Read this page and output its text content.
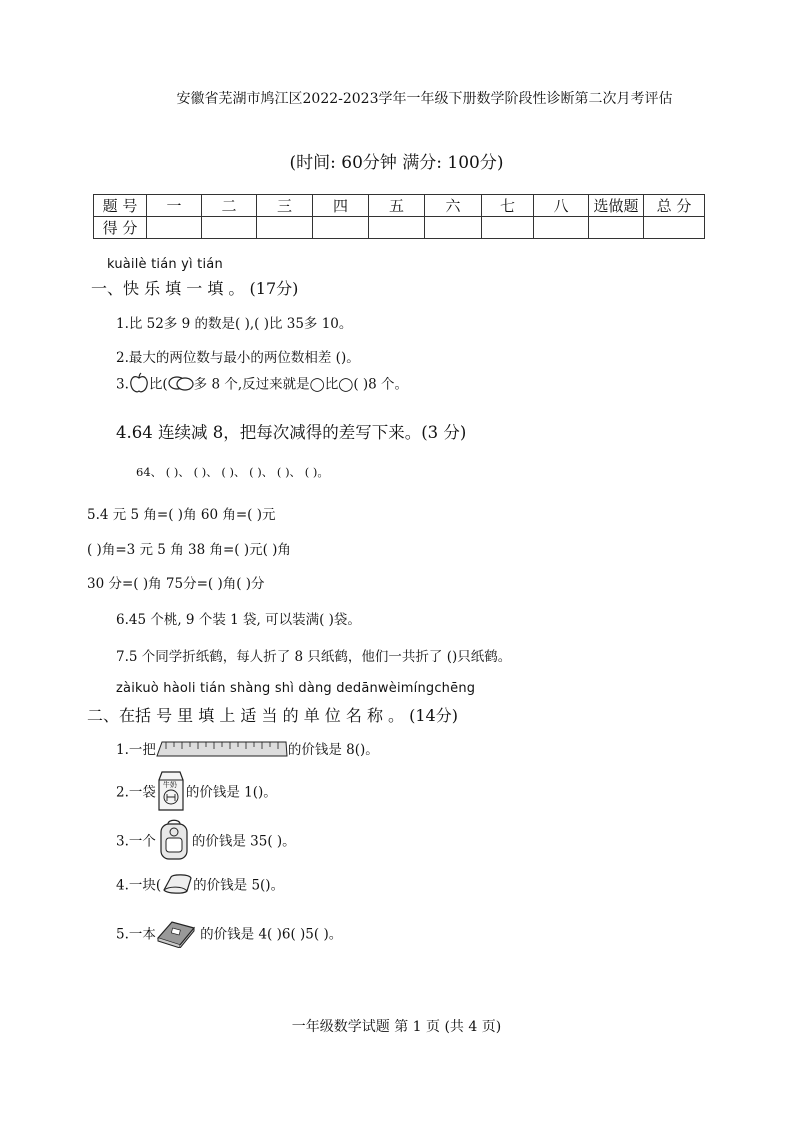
安徽省芜湖市鸠江区2022-2023学年一年级下册数学阶段性诊断第二次月考评估
(时间: 60分钟 满分: 100分)
题 号	一	二	三	四	五	六	七	八	选做题	总 分
得 分										
kuàilè tián yì tián
一、快 乐 填 一 填 。 (17分)
1.比 52多 9 的数是( ),( )比 35多 10。
2.最大的两位数与最小的两位数相差 ()。
3. 比( 多 8 个,反过来就是◯比◯( )8 个。
4.64 连续减 8，把每次减得的差写下来。(3 分)
64、 ( )、 ( )、 ( )、 ( )、 ( )、 ( )。
5.4 元 5 角=( )角 60 角=( )元
( )角=3 元 5 角 38 角=( )元( )角
30 分=( )角 75分=( )角( )分
6.45 个桃, 9 个装 1 袋, 可以装满( )袋。
7.5 个同学折纸鹤，每人折了 8 只纸鹤，他们一共折了 ()只纸鹤。
zàikuò hàoli tián shàng shì dàng dedānwèimíngchēng
二、在括 号 里 填 上 适 当 的 单 位 名 称 。 (14分)
1.一把	的价钱是 8()。
2.一袋 牛奶 的价钱是 1()。
3.一个	的价钱是 35( )。
4.一块( 的价钱是 5()。
5.一本	的价钱是 4( )6( )5( )。
一年级数学试题 第 1 页 (共 4 页)
